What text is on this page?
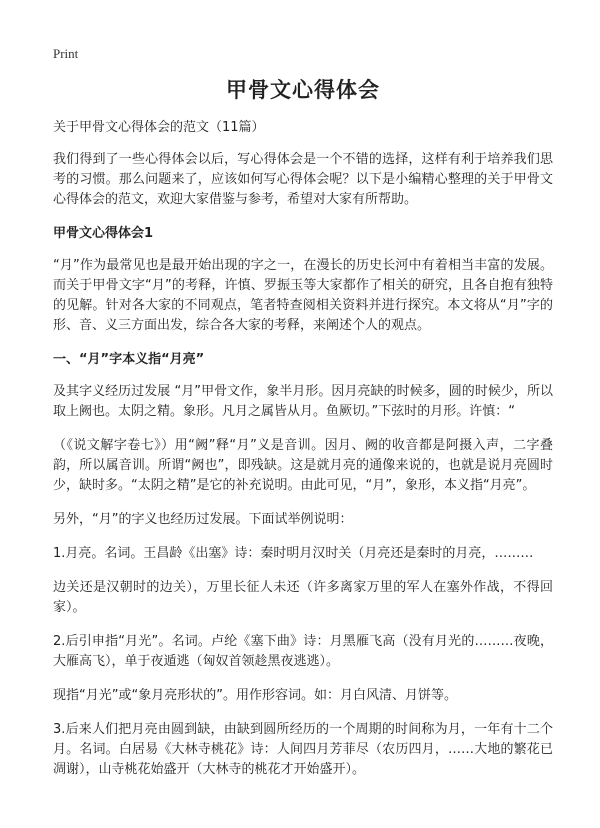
Print
甲骨文心得体会

关于甲骨文心得体会的范文（11篇）

我们得到了一些心得体会以后，写心得体会是一个不错的选择，这样有利于培养我们思考的习惯。那么问题来了，应该如何写心得体会呢？以下是小编精心整理的关于甲骨文心得体会的范文，欢迎大家借鉴与参考，希望对大家有所帮助。

甲骨文心得体会1

“月”作为最常见也是最开始出现的字之一，在漫长的历史长河中有着相当丰富的发展。而关于甲骨文字“月”的考释，许慎、罗振玉等大家都作了相关的研究，且各自抱有独特的见解。针对各大家的不同观点，笔者特查阅相关资料并进行探究。本文将从“月”字的形、音、义三方面出发，综合各大家的考释，来阐述个人的观点。

一、“月”字本义指“月亮”

及其字义经历过发展 “月”甲骨文作，象半月形。因月亮缺的时候多，圆的时候少，所以取上阙也。太阴之精。象形。凡月之属皆从月。鱼厥切。”下弦时的月形。许慎：“

（《说文解字卷七》）用“阙”释“月”义是音训。因月、阙的收音都是阿摄入声，二字叠韵，所以属音训。所谓“阙也”，即残缺。这是就月亮的通像来说的，也就是说月亮圆时少，缺时多。“太阴之精”是它的补充说明。由此可见，“月”，象形，本义指“月亮”。

另外，“月”的字义也经历过发展。下面试举例说明：

1.月亮。名词。王昌龄《出塞》诗：秦时明月汉时关（月亮还是秦时的月亮，………

边关还是汉朝时的边关），万里长征人未还（许多离家万里的军人在塞外作战，不得回家）。

2.后引申指“月光”。名词。卢纶《塞下曲》诗：月黑雁飞高（没有月光的………夜晚，大雁高飞），单于夜遁逃（匈奴首领趁黑夜逃逃）。

现指“月光”或“象月亮形状的”。用作形容词。如：月白风清、月饼等。

3.后来人们把月亮由圆到缺，由缺到圆所经历的一个周期的时间称为月，一年有十二个月。名词。白居易《大林寺桃花》诗：人间四月芳菲尽（农历四月，……大地的繁花已凋谢），山寺桃花始盛开（大林寺的桃花才开始盛开）。
